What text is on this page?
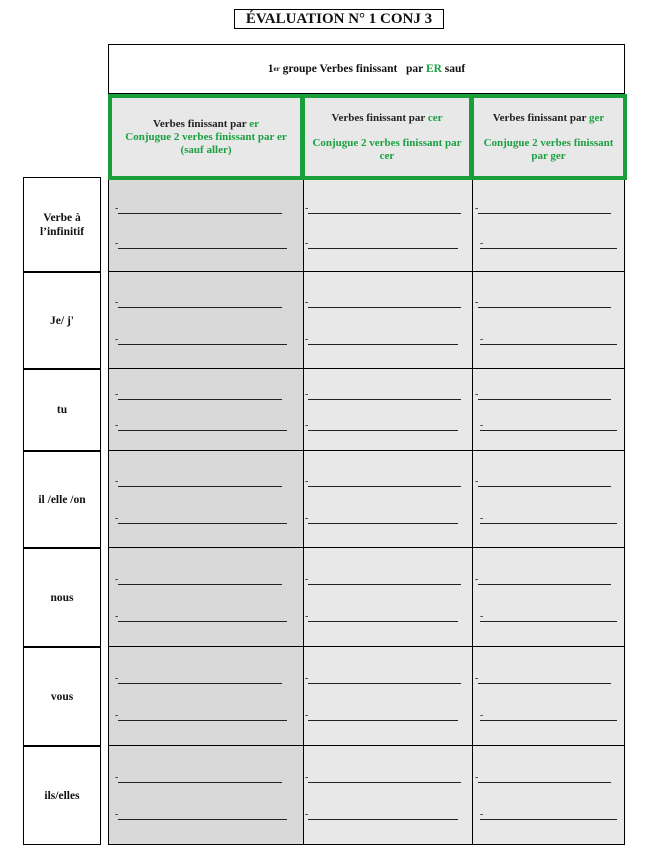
ÉVALUATION N° 1 CONJ 3
1 er groupe Verbes finissant   par ER sauf
Verbes finissant par er
Conjugue 2 verbes finissant par er (sauf aller)
Verbes finissant par cer
Conjugue 2 verbes finissant par cer
Verbes finissant par ger
Conjugue 2 verbes finissant par ger
Verbe à l’infinitif
-
-
-
-
-
-
Je/ j'
-
-
-
-
-
-
tu
-
-
-
-
-
-
il /elle /on
-
-
-
-
-
-
nous
-
-
-
-
-
-
vous
-
-
-
-
-
-
ils/elles
-
-
-
-
-
-
